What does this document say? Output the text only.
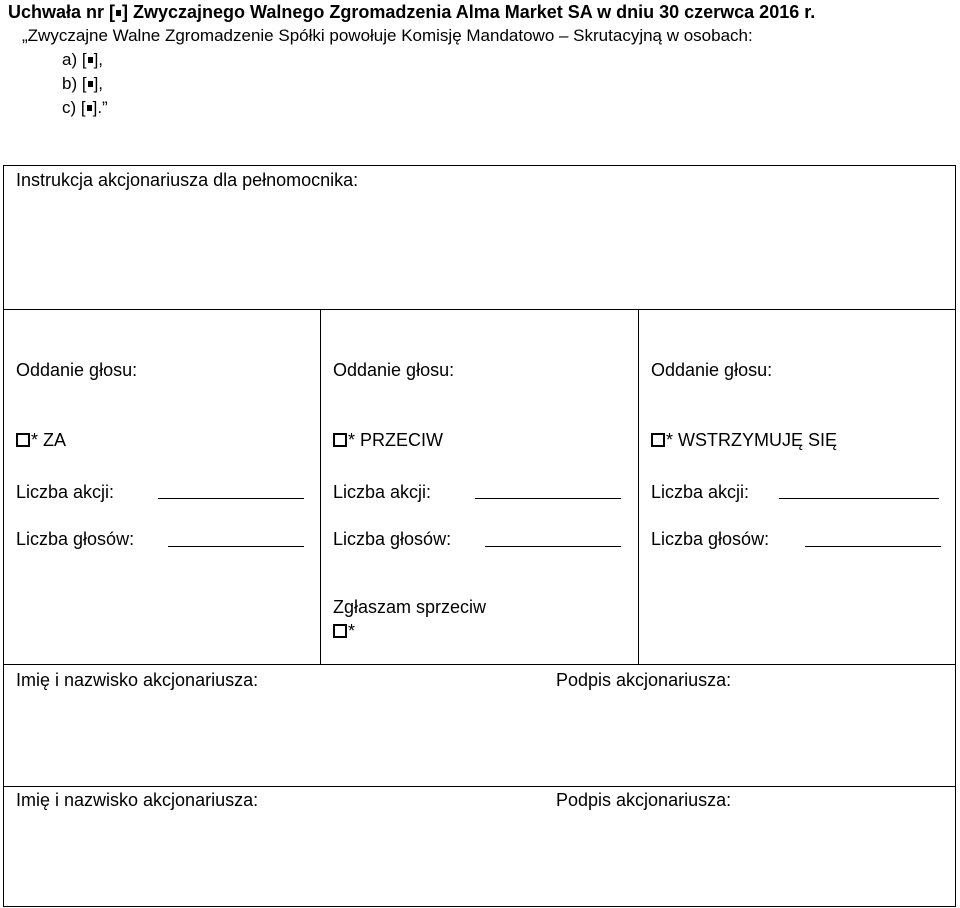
Uchwała nr [ ] Zwyczajnego Walnego Zgromadzenia Alma Market SA w dniu 30 czerwca 2016 r.
„Zwyczajne Walne Zgromadzenie Spółki powołuje Komisję Mandatowo – Skrutacyjną w osobach:
a) [ ],
b) [ ],
c) [ ].”
Instrukcja akcjonariusza dla pełnomocnika:
Oddanie głosu:
* ZA
Liczba akcji:
Liczba głosów:
Oddanie głosu:
* PRZECIW
Liczba akcji:
Liczba głosów:
Oddanie głosu:
* WSTRZYMUJĘ SIĘ
Liczba akcji:
Liczba głosów:
Zgłaszam sprzeciw
*
Imię i nazwisko akcjonariusza:	Podpis akcjonariusza:
Imię i nazwisko akcjonariusza:	Podpis akcjonariusza:
